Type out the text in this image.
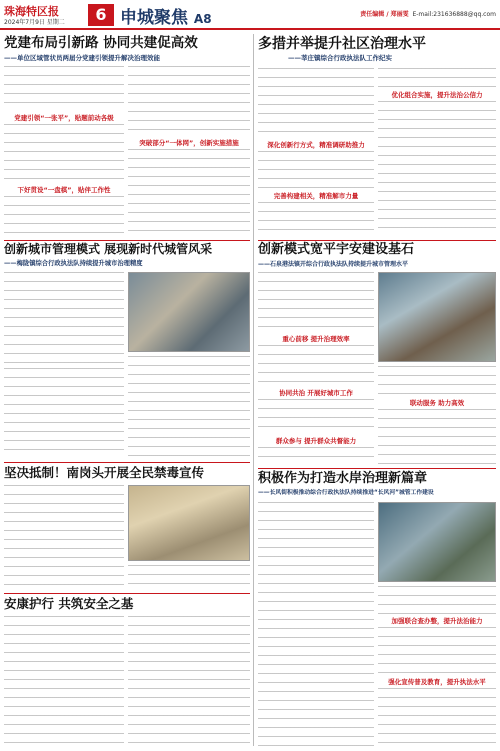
珠海特区报
2024年7月9日 星期二	6 申城聚焦 A8	责任编辑 / 郑丽雯 E-mail:231636888@qq.com
党建布局引新路 协同共建促高效
——单位区域管状员两届分党建引领提升解决治理效能
党建引领“一张平”，贴题前动各级
下好贯设“一盘棋”，贴伴工作性
突破部分“一体网”，创新实施措施
创新城市管理模式 展现新时代城管风采
——梅陇镇综合行政执法队持续提升城市治理精度
坚决抵制！南岗头开展全民禁毒宣传
安康护行 共筑安全之基
多措并举提升社区治理水平
——莘庄镇综合行政执法队工作纪实
深化创新行方式，精准调研助推力
完善构建相关，精准解市力量
优化组合实施，提升法治公信力
创新模式宽平宇安建设基石
——石泉港法镇开综合行政执法队持续提升城市管理水平
重心前移 提升治理效率
协同共治 开展好城市工作
群众参与 提升群众共督能力
联动服务 助力高效
积极作为打造水岸治理新篇章
——长风街积极推动综合行政执法队持续推进“长风河”城管工作建设
加强联合查办整，提升法治能力
强化宣传普及教育，提升执法水平
